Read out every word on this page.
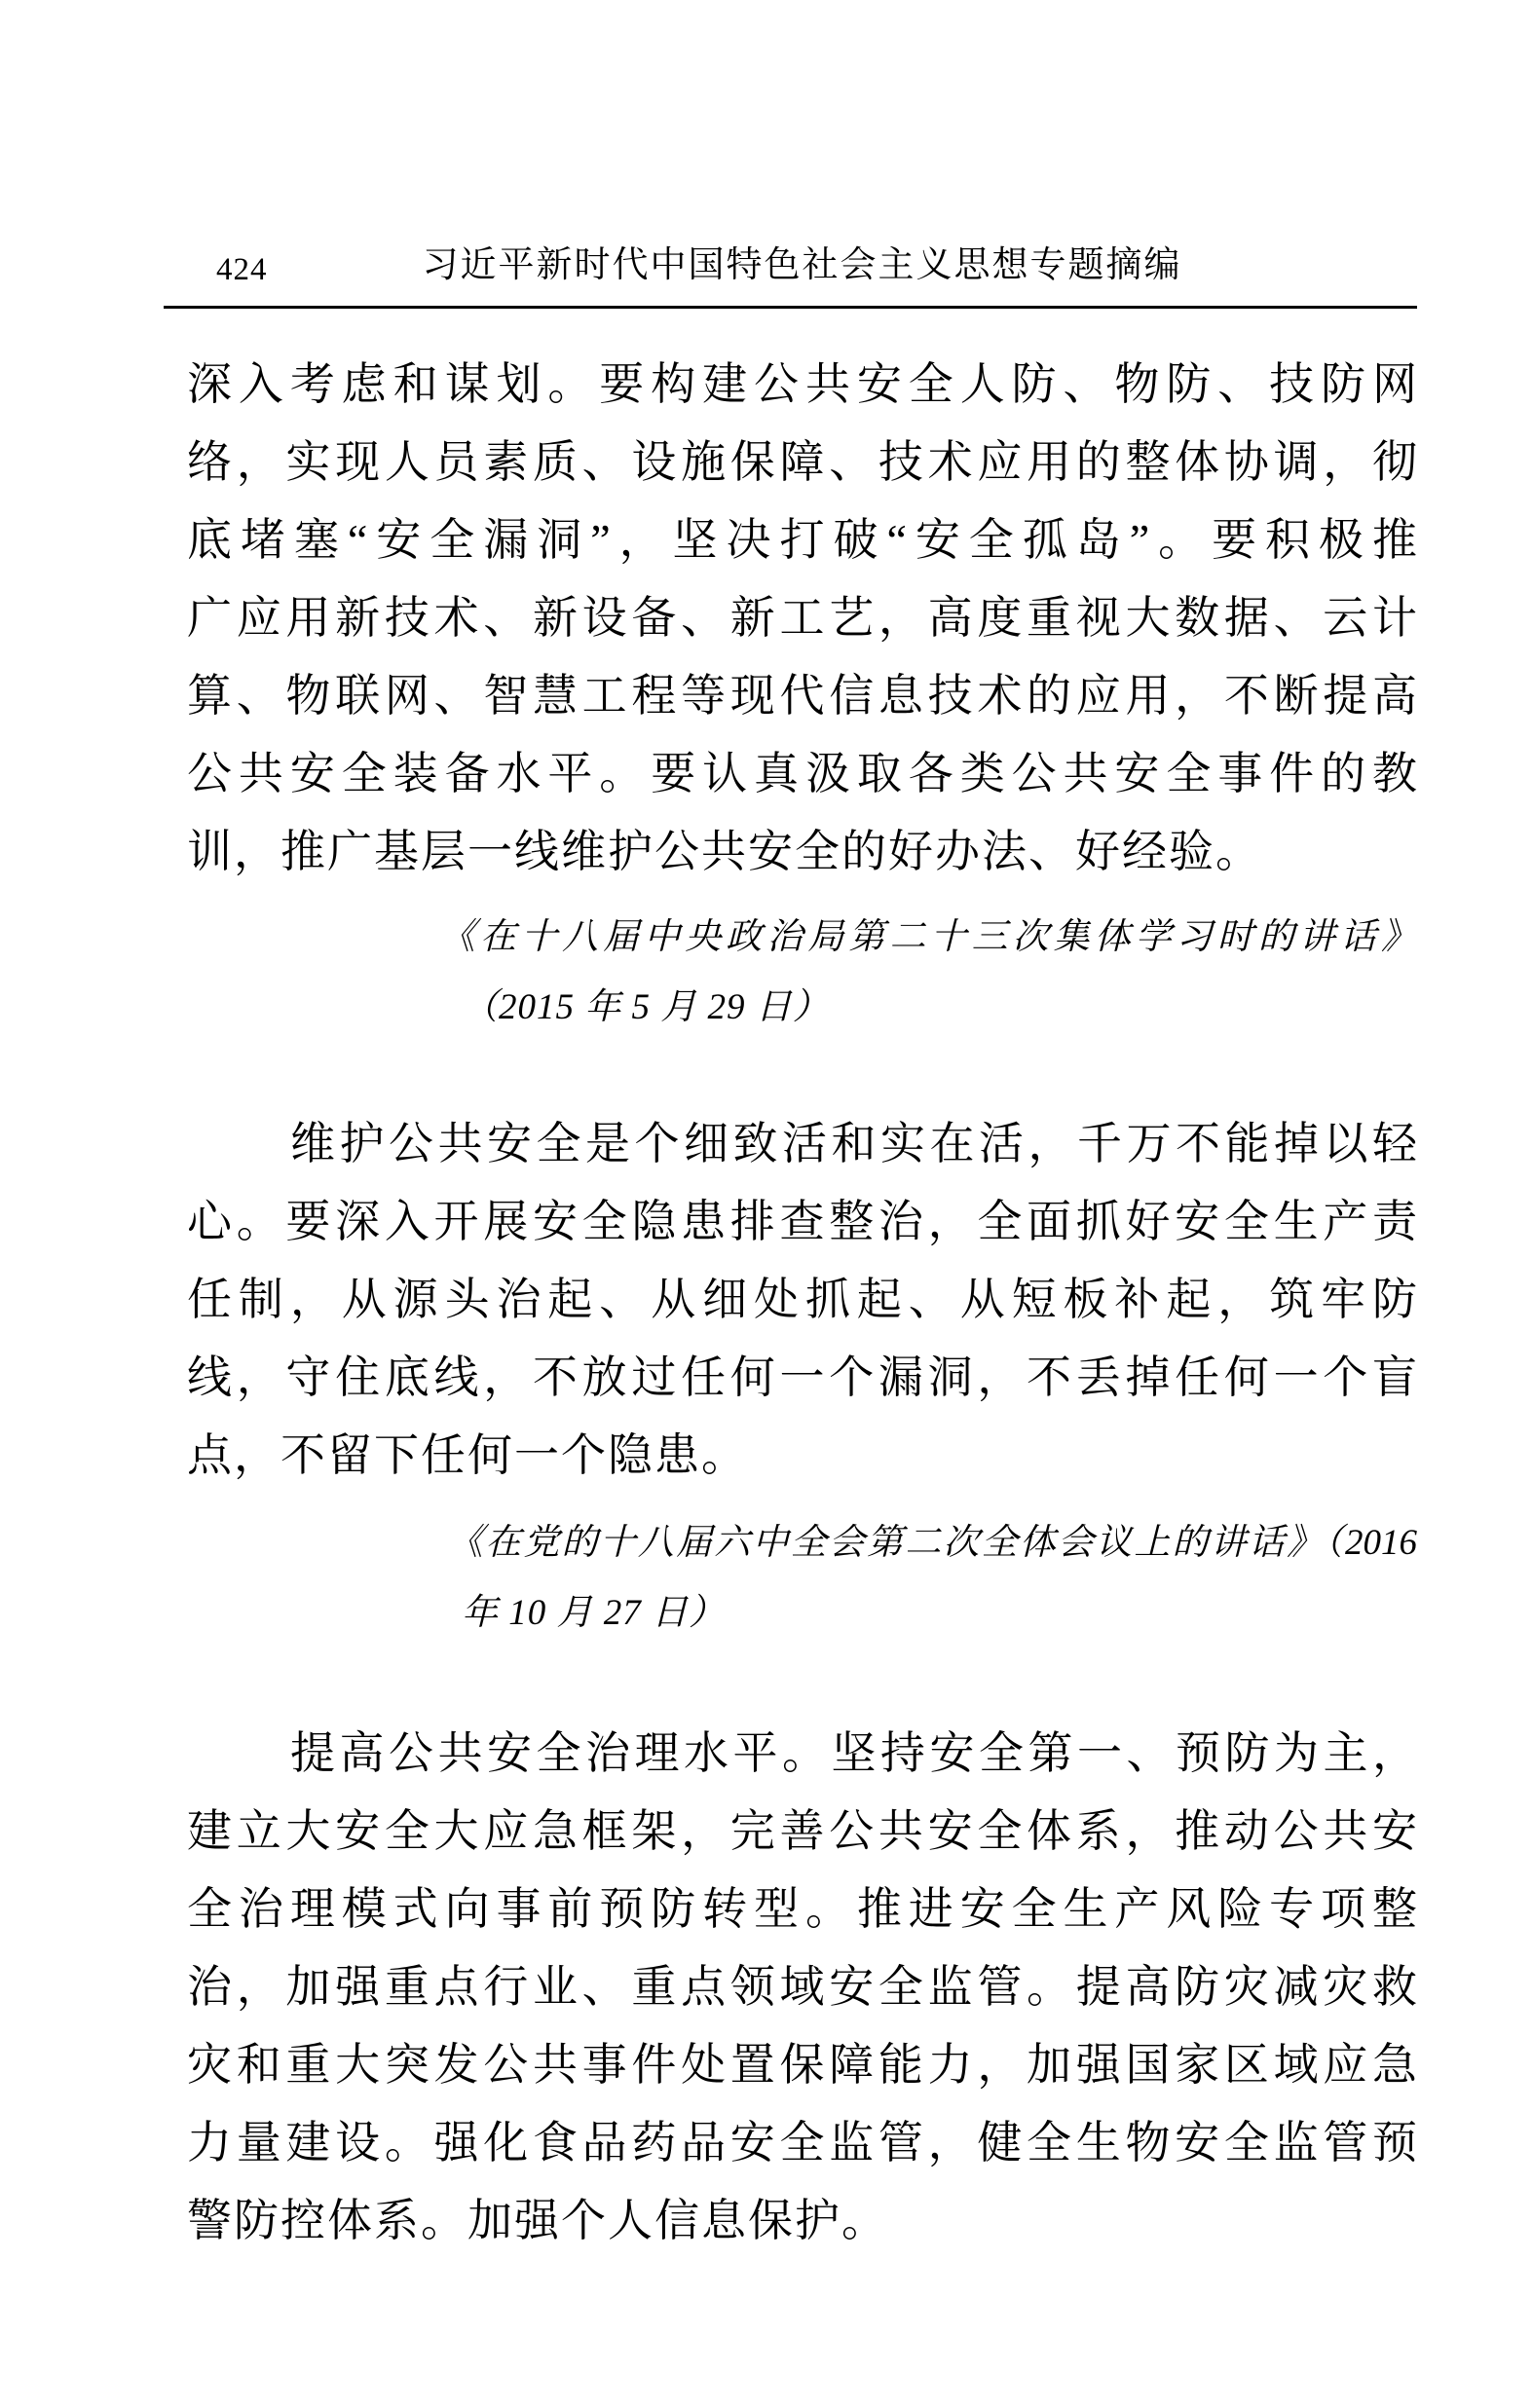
424	习近平新时代中国特色社会主义思想专题摘编
深入考虑和谋划。要构建公共安全人防、物防、技防网
络，实现人员素质、设施保障、技术应用的整体协调，彻
底堵塞“安全漏洞”，坚决打破“安全孤岛”。要积极推
广应用新技术、新设备、新工艺，高度重视大数据、云计
算、物联网、智慧工程等现代信息技术的应用，不断提高
公共安全装备水平。要认真汲取各类公共安全事件的教
训，推广基层一线维护公共安全的好办法、好经验。
《在十八届中央政治局第二十三次集体学习时的讲话》
（2015 年 5 月 29 日）
维护公共安全是个细致活和实在活，千万不能掉以轻
心。要深入开展安全隐患排查整治，全面抓好安全生产责
任制，从源头治起、从细处抓起、从短板补起，筑牢防
线，守住底线，不放过任何一个漏洞，不丢掉任何一个盲
点，不留下任何一个隐患。
《在党的十八届六中全会第二次全体会议上的讲话》（2016
年 10 月 27 日）
提高公共安全治理水平。坚持安全第一、预防为主，
建立大安全大应急框架，完善公共安全体系，推动公共安
全治理模式向事前预防转型。推进安全生产风险专项整
治，加强重点行业、重点领域安全监管。提高防灾减灾救
灾和重大突发公共事件处置保障能力，加强国家区域应急
力量建设。强化食品药品安全监管，健全生物安全监管预
警防控体系。加强个人信息保护。
